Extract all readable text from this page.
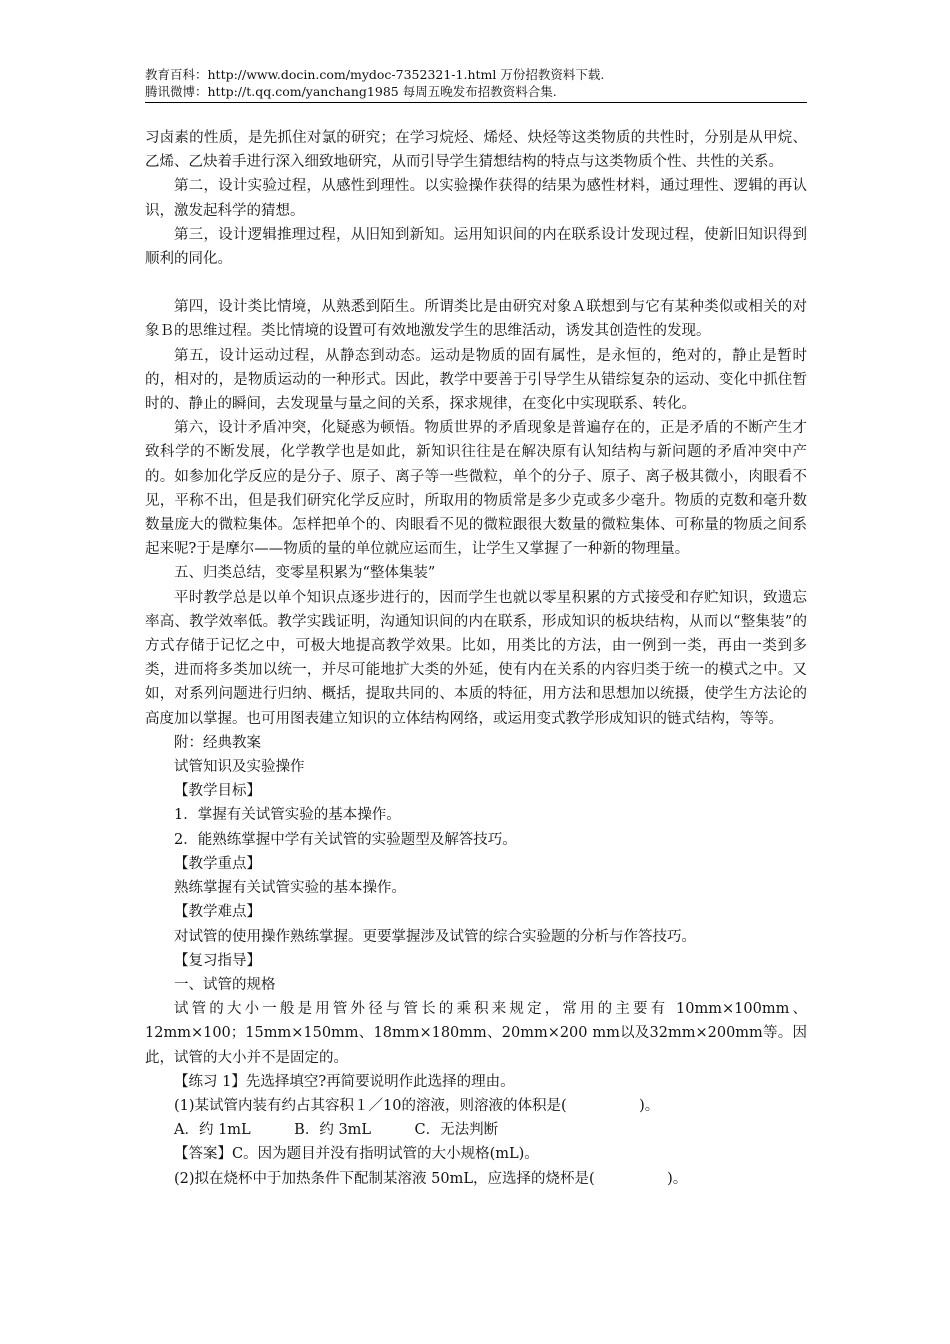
教育百科：http://www.docin.com/mydoc-7352321-1.html 万份招教资料下载.
腾讯微博：http://t.qq.com/yanchang1985 每周五晚发布招教资料合集.

习卤素的性质，是先抓住对氯的研究；在学习烷烃、烯烃、炔烃等这类物质的共性时，分别是从甲烷、乙烯、乙炔着手进行深入细致地研究，从而引导学生猜想结构的特点与这类物质个性、共性的关系。

第二，设计实验过程，从感性到理性。以实验操作获得的结果为感性材料，通过理性、逻辑的再认识，激发起科学的猜想。

第三，设计逻辑推理过程，从旧知到新知。运用知识间的内在联系设计发现过程，使新旧知识得到顺利的同化。

第四，设计类比情境，从熟悉到陌生。所谓类比是由研究对象Ａ联想到与它有某种类似或相关的对象Ｂ的思维过程。类比情境的设置可有效地激发学生的思维活动，诱发其创造性的发现。

第五，设计运动过程，从静态到动态。运动是物质的固有属性，是永恒的，绝对的，静止是暂时的，相对的，是物质运动的一种形式。因此，教学中要善于引导学生从错综复杂的运动、变化中抓住暂时的、静止的瞬间，去发现量与量之间的关系，探求规律，在变化中实现联系、转化。

第六，设计矛盾冲突，化疑惑为顿悟。物质世界的矛盾现象是普遍存在的，正是矛盾的不断产生才致科学的不断发展，化学教学也是如此，新知识往往是在解决原有认知结构与新问题的矛盾冲突中产的。如参加化学反应的是分子、原子、离子等一些微粒，单个的分子、原子、离子极其微小，肉眼看不见，平称不出，但是我们研究化学反应时，所取用的物质常是多少克或多少毫升。物质的克数和毫升数数量庞大的微粒集体。怎样把单个的、肉眼看不见的微粒跟很大数量的微粒集体、可称量的物质之间系起来呢?于是摩尔——物质的量的单位就应运而生，让学生又掌握了一种新的物理量。

五、归类总结，变零星积累为“整体集装”

平时教学总是以单个知识点逐步进行的，因而学生也就以零星积累的方式接受和存贮知识，致遗忘率高、教学效率低。教学实践证明，沟通知识间的内在联系，形成知识的板块结构，从而以“整集装”的方式存储于记忆之中，可极大地提高教学效果。比如，用类比的方法，由一例到一类，再由一类到多类，进而将多类加以统一，并尽可能地扩大类的外延，使有内在关系的内容归类于统一的模式之中。又如，对系列问题进行归纳、概括，提取共同的、本质的特征，用方法和思想加以统摄，使学生方法论的高度加以掌握。也可用图表建立知识的立体结构网络，或运用变式教学形成知识的链式结构，等等。

附：经典教案

试管知识及实验操作

【教学目标】

1．掌握有关试管实验的基本操作。

2．能熟练掌握中学有关试管的实验题型及解答技巧。

【教学重点】

熟练掌握有关试管实验的基本操作。

【教学难点】

对试管的使用操作熟练掌握。更要掌握涉及试管的综合实验题的分析与作答技巧。

【复习指导】

一、试管的规格

试管的大小一般是用管外径与管长的乘积来规定，常用的主要有 10mm×100mm、12mm×100；15mm×150mm、18mm×180mm、20mm×200 mm以及32mm×200mm等。因此，试管的大小并不是固定的。

【练习 1】先选择填空?再简要说明作此选择的理由。

(1)某试管内装有约占其容积１／10的溶液，则溶液的体积是(　　　　　)。

A．约 1mL　　　B．约 3mL　　　C．无法判断

【答案】C。因为题目并没有指明试管的大小规格(mL)。

(2)拟在烧杯中于加热条件下配制某溶液 50mL，应选择的烧杯是(　　　　　)。
